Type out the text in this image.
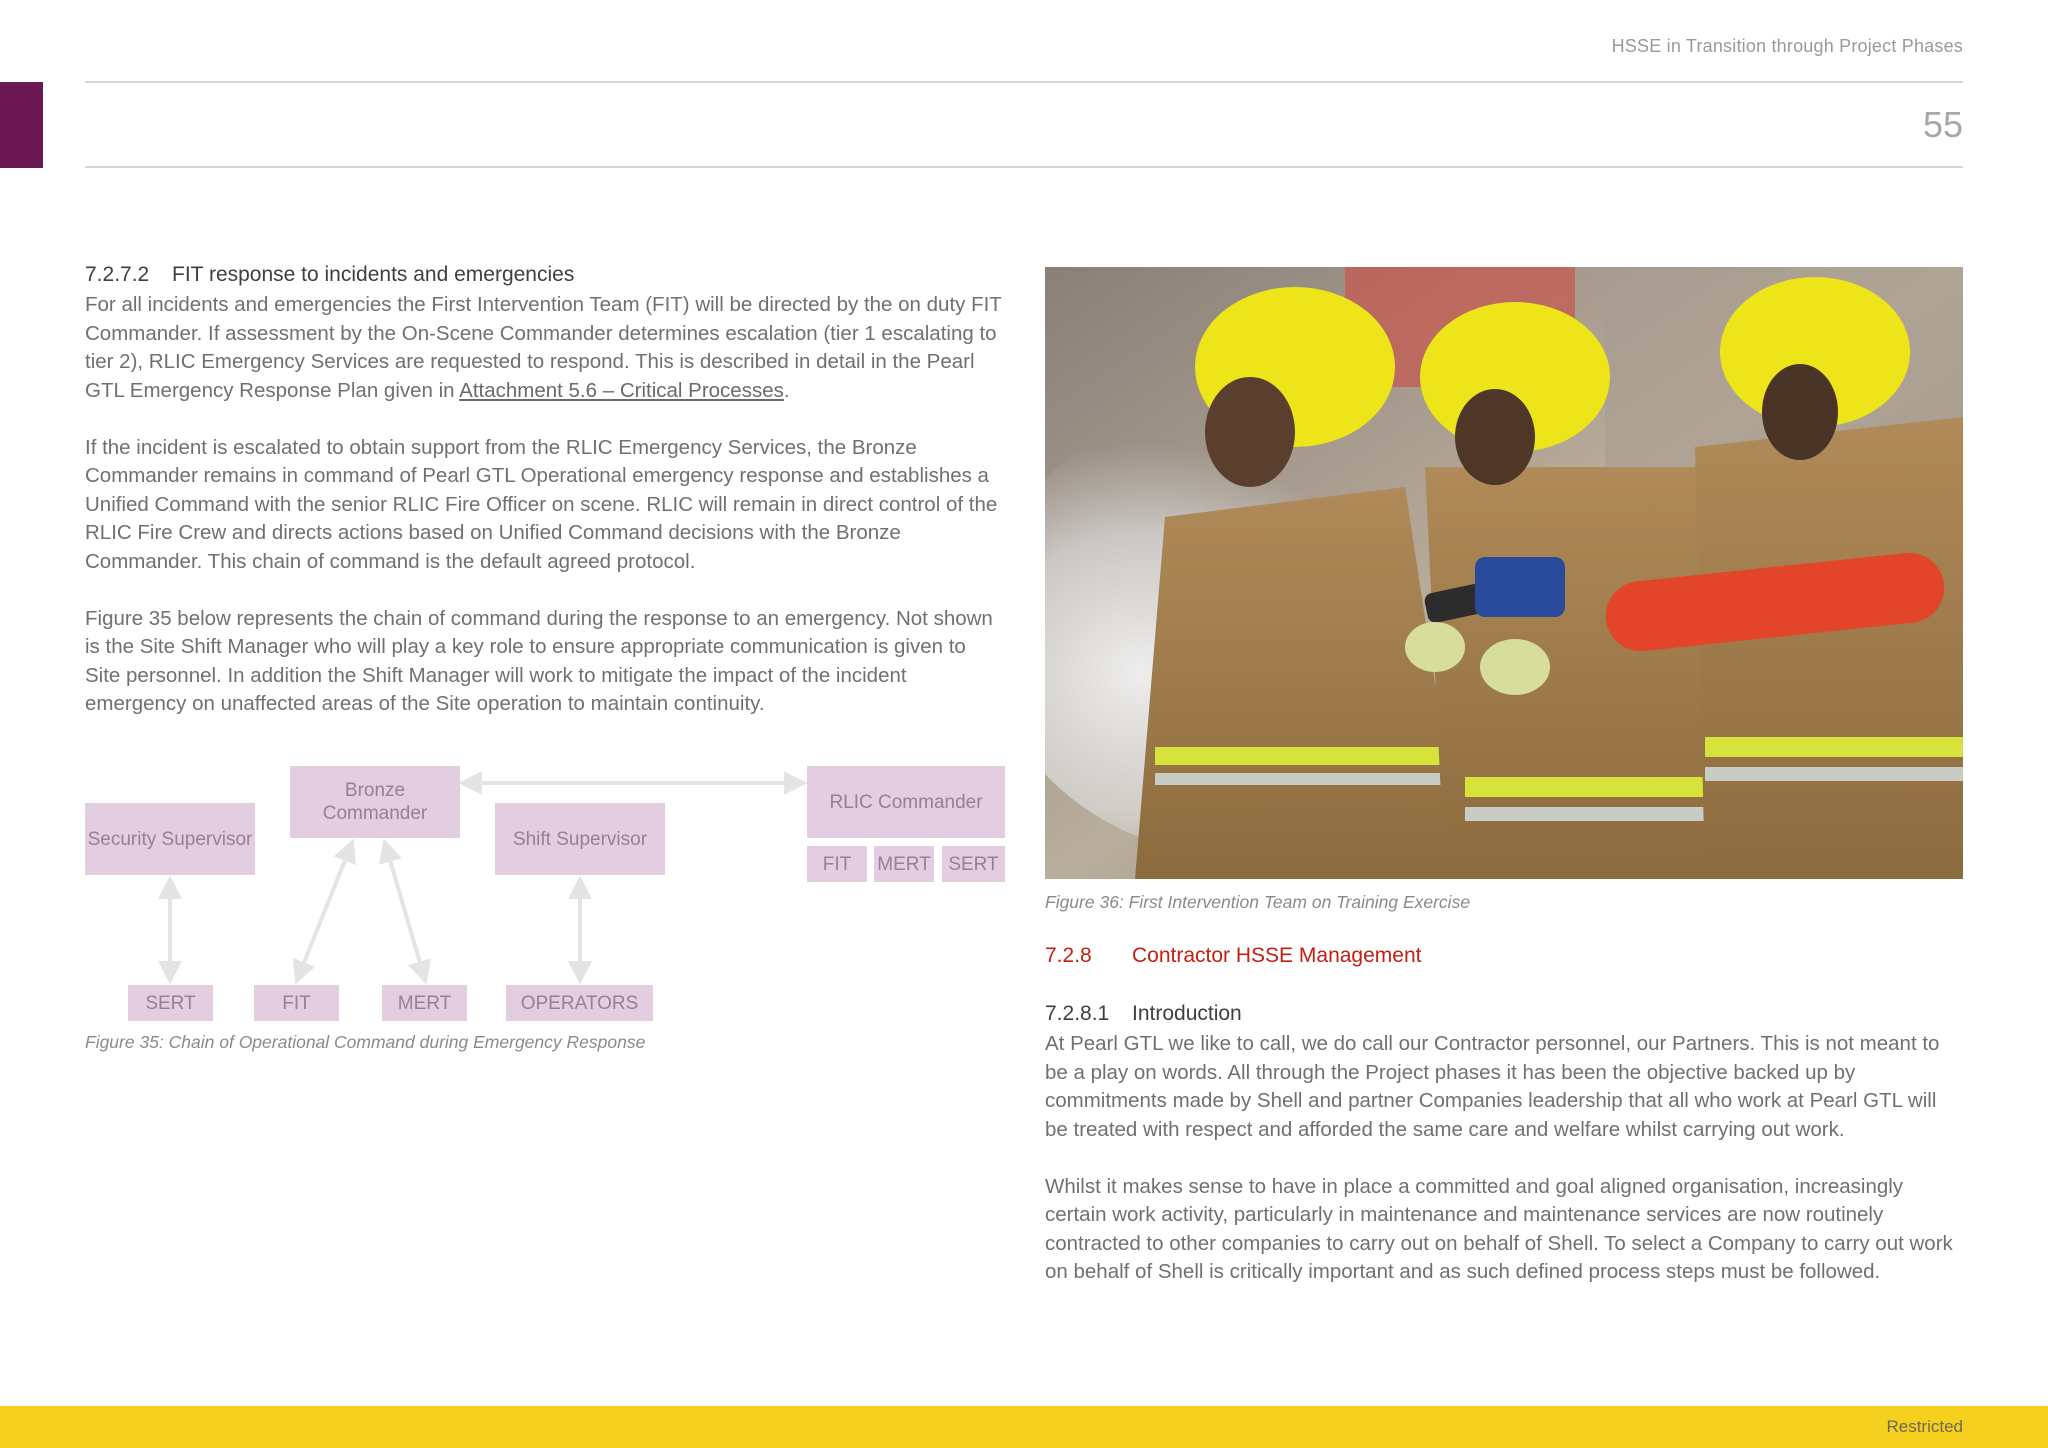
HSSE in Transition through Project Phases
55
7.2.7.2 FIT response to incidents and emergencies

For all incidents and emergencies the First Intervention Team (FIT) will be directed by the on duty FIT Commander. If assessment by the On-Scene Commander determines escalation (tier 1 escalating to tier 2), RLIC Emergency Services are requested to respond. This is described in detail in the Pearl GTL Emergency Response Plan given in Attachment 5.6 – Critical Processes.

If the incident is escalated to obtain support from the RLIC Emergency Services, the Bronze Commander remains in command of Pearl GTL Operational emergency response and establishes a Unified Command with the senior RLIC Fire Officer on scene. RLIC will remain in direct control of the RLIC Fire Crew and directs actions based on Unified Command decisions with the Bronze Commander. This chain of command is the default agreed protocol.

Figure 35 below represents the chain of command during the response to an emergency. Not shown is the Site Shift Manager who will play a key role to ensure appropriate communication is given to Site personnel. In addition the Shift Manager will work to mitigate the impact of the incident emergency on unaffected areas of the Site operation to maintain continuity.

Security Supervisor
Bronze Commander
Shift Supervisor
RLIC Commander
FIT	MERT SERT
SERT	FIT	MERT	OPERATORS
Figure 35: Chain of Operational Command during Emergency Response
Figure 36: First Intervention Team on Training Exercise
7.2.8 Contractor HSSE Management
7.2.8.1 Introduction

At Pearl GTL we like to call, we do call our Contractor personnel, our Partners. This is not meant to be a play on words. All through the Project phases it has been the objective backed up by commitments made by Shell and partner Companies leadership that all who work at Pearl GTL will be treated with respect and afforded the same care and welfare whilst carrying out work.

Whilst it makes sense to have in place a committed and goal aligned organisation, increasingly certain work activity, particularly in maintenance and maintenance services are now routinely contracted to other companies to carry out on behalf of Shell. To select a Company to carry out work on behalf of Shell is critically important and as such defined process steps must be followed.

Restricted
